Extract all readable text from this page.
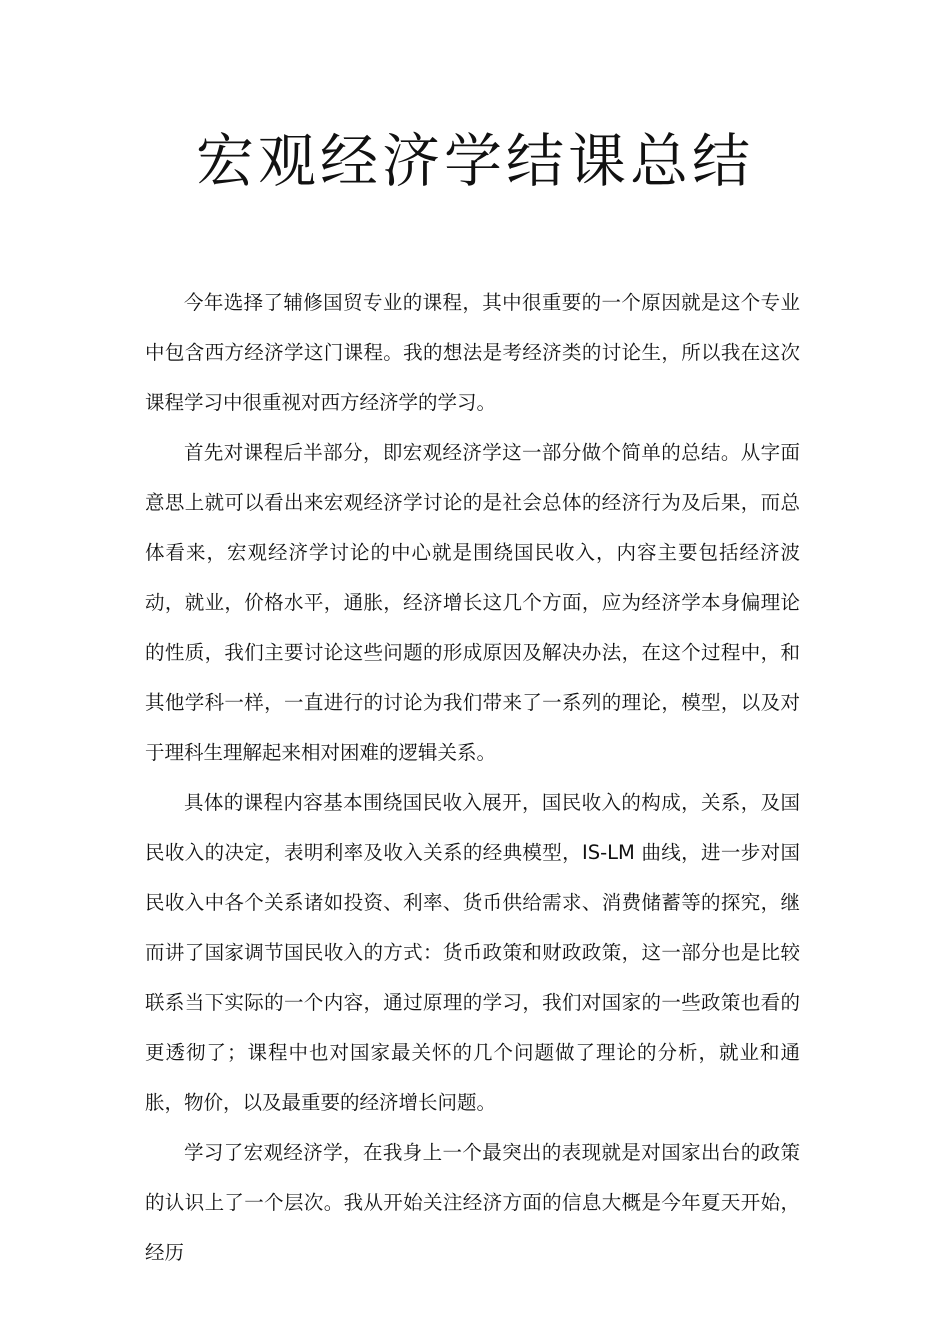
宏观经济学结课总结

今年选择了辅修国贸专业的课程，其中很重要的一个原因就是这个专业中包含西方经济学这门课程。我的想法是考经济类的讨论生，所以我在这次课程学习中很重视对西方经济学的学习。

首先对课程后半部分，即宏观经济学这一部分做个简单的总结。从字面意思上就可以看出来宏观经济学讨论的是社会总体的经济行为及后果，而总体看来，宏观经济学讨论的中心就是围绕国民收入，内容主要包括经济波动，就业，价格水平，通胀，经济增长这几个方面，应为经济学本身偏理论的性质，我们主要讨论这些问题的形成原因及解决办法，在这个过程中，和其他学科一样，一直进行的讨论为我们带来了一系列的理论，模型，以及对于理科生理解起来相对困难的逻辑关系。

具体的课程内容基本围绕国民收入展开，国民收入的构成，关系，及国民收入的决定，表明利率及收入关系的经典模型，IS-LM 曲线，进一步对国民收入中各个关系诸如投资、利率、货币供给需求、消费储蓄等的探究，继而讲了国家调节国民收入的方式：货币政策和财政政策，这一部分也是比较联系当下实际的一个内容，通过原理的学习，我们对国家的一些政策也看的更透彻了；课程中也对国家最关怀的几个问题做了理论的分析，就业和通胀，物价，以及最重要的经济增长问题。

学习了宏观经济学，在我身上一个最突出的表现就是对国家出台的政策的认识上了一个层次。我从开始关注经济方面的信息大概是今年夏天开始，经历
